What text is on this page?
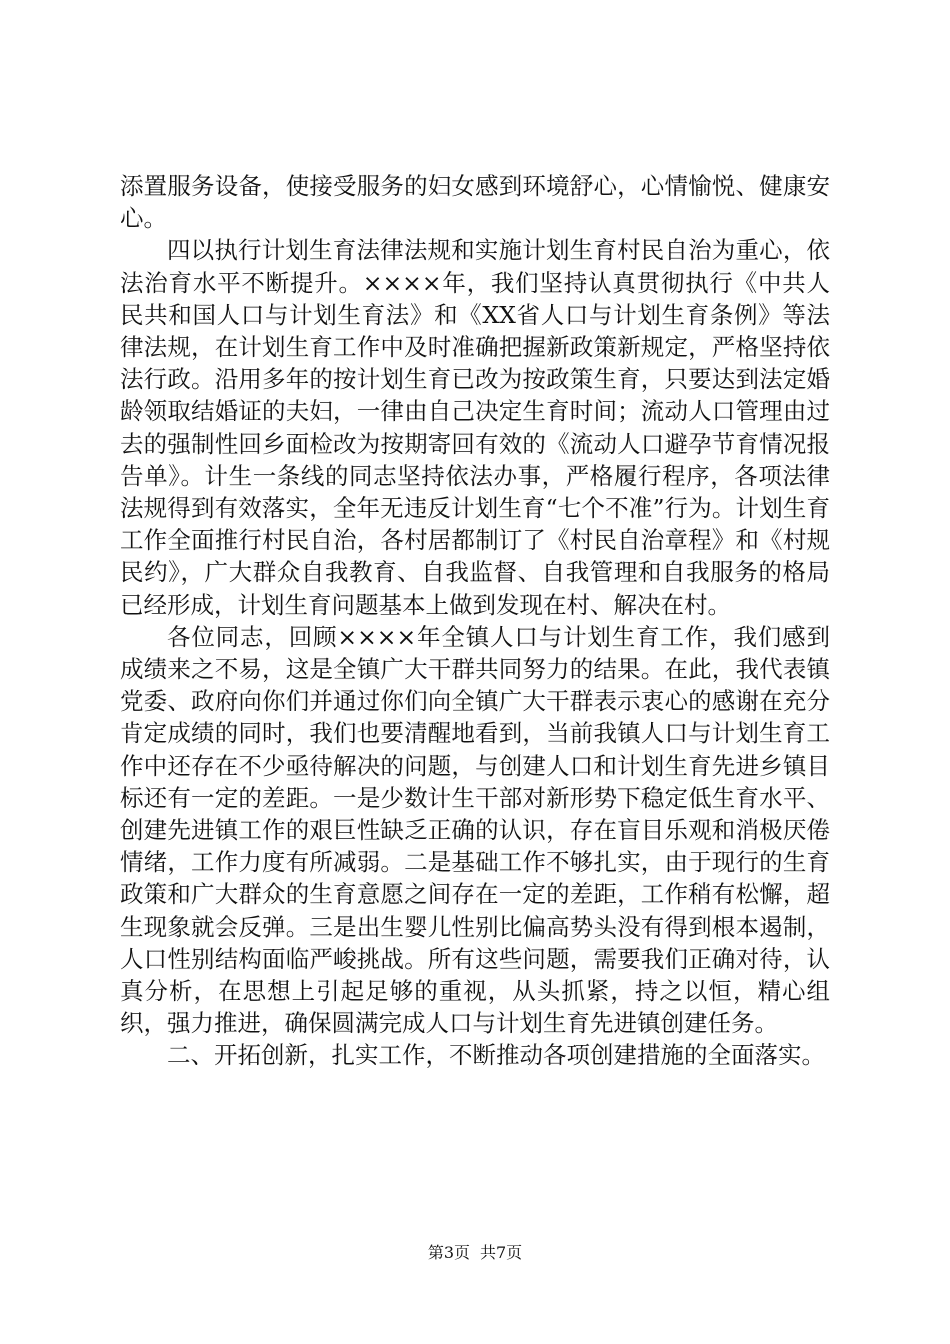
添置服务设备，使接受服务的妇女感到环境舒心，心情愉悦、健康安心。

四以执行计划生育法律法规和实施计划生育村民自治为重心，依法治育水平不断提升。××××年，我们坚持认真贯彻执行《中共人民共和国人口与计划生育法》和《XX省人口与计划生育条例》等法律法规，在计划生育工作中及时准确把握新政策新规定，严格坚持依法行政。沿用多年的按计划生育已改为按政策生育，只要达到法定婚龄领取结婚证的夫妇，一律由自己决定生育时间；流动人口管理由过去的强制性回乡面检改为按期寄回有效的《流动人口避孕节育情况报告单》。计生一条线的同志坚持依法办事，严格履行程序，各项法律法规得到有效落实，全年无违反计划生育“七个不准”行为。计划生育工作全面推行村民自治，各村居都制订了《村民自治章程》和《村规民约》，广大群众自我教育、自我监督、自我管理和自我服务的格局已经形成，计划生育问题基本上做到发现在村、解决在村。

各位同志，回顾××××年全镇人口与计划生育工作，我们感到成绩来之不易，这是全镇广大干群共同努力的结果。在此，我代表镇党委、政府向你们并通过你们向全镇广大干群表示衷心的感谢在充分肯定成绩的同时，我们也要清醒地看到，当前我镇人口与计划生育工作中还存在不少亟待解决的问题，与创建人口和计划生育先进乡镇目标还有一定的差距。一是少数计生干部对新形势下稳定低生育水平、创建先进镇工作的艰巨性缺乏正确的认识，存在盲目乐观和消极厌倦情绪，工作力度有所减弱。二是基础工作不够扎实，由于现行的生育政策和广大群众的生育意愿之间存在一定的差距，工作稍有松懈，超生现象就会反弹。三是出生婴儿性别比偏高势头没有得到根本遏制，人口性别结构面临严峻挑战。所有这些问题，需要我们正确对待，认真分析，在思想上引起足够的重视，从头抓紧，持之以恒，精心组织，强力推进，确保圆满完成人口与计划生育先进镇创建任务。

二、开拓创新，扎实工作，不断推动各项创建措施的全面落实。

第3页 共7页
